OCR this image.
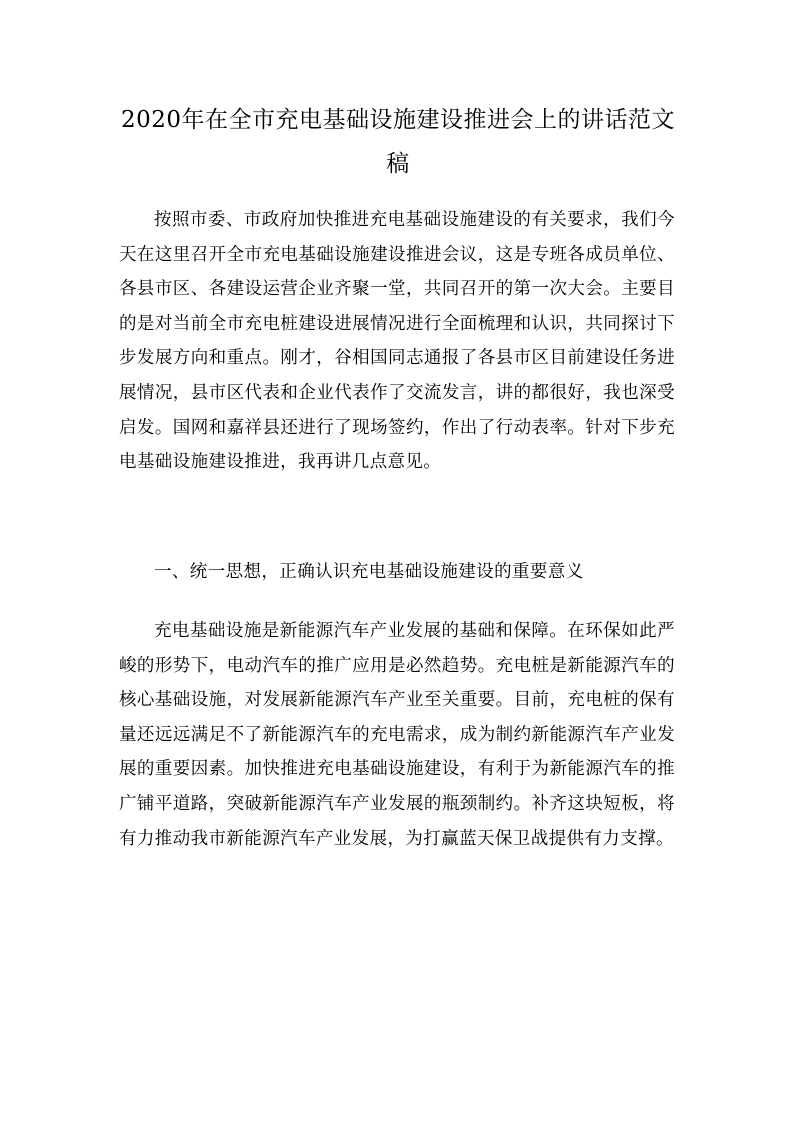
2020年在全市充电基础设施建设推进会上的讲话范文稿

按照市委、市政府加快推进充电基础设施建设的有关要求，我们今天在这里召开全市充电基础设施建设推进会议，这是专班各成员单位、各县市区、各建设运营企业齐聚一堂，共同召开的第一次大会。主要目的是对当前全市充电桩建设进展情况进行全面梳理和认识，共同探讨下步发展方向和重点。刚才，谷相国同志通报了各县市区目前建设任务进展情况，县市区代表和企业代表作了交流发言，讲的都很好，我也深受启发。国网和嘉祥县还进行了现场签约，作出了行动表率。针对下步充电基础设施建设推进，我再讲几点意见。

一、统一思想，正确认识充电基础设施建设的重要意义

充电基础设施是新能源汽车产业发展的基础和保障。在环保如此严峻的形势下，电动汽车的推广应用是必然趋势。充电桩是新能源汽车的核心基础设施，对发展新能源汽车产业至关重要。目前，充电桩的保有量还远远满足不了新能源汽车的充电需求，成为制约新能源汽车产业发展的重要因素。加快推进充电基础设施建设，有利于为新能源汽车的推广铺平道路，突破新能源汽车产业发展的瓶颈制约。补齐这块短板，将有力推动我市新能源汽车产业发展，为打赢蓝天保卫战提供有力支撑。
